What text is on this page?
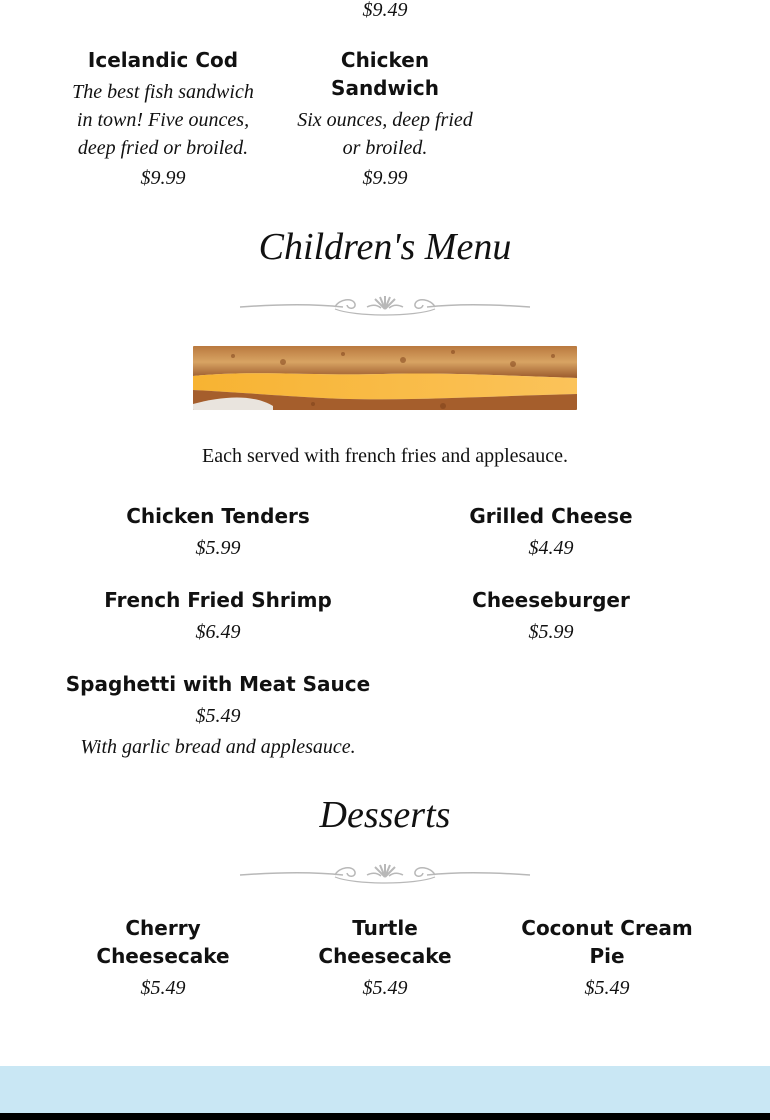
$9.49
Icelandic Cod
The best fish sandwich in town! Five ounces, deep fried or broiled.
$9.99
Chicken Sandwich
Six ounces, deep fried or broiled.
$9.99
Children's Menu
Each served with french fries and applesauce.
Chicken Tenders
$5.99
Grilled Cheese
$4.49
French Fried Shrimp
$6.49
Cheeseburger
$5.99
Spaghetti with Meat Sauce
$5.49
With garlic bread and applesauce.
Desserts
Cherry Cheesecake
$5.49
Turtle Cheesecake
$5.49
Coconut Cream Pie
$5.49
